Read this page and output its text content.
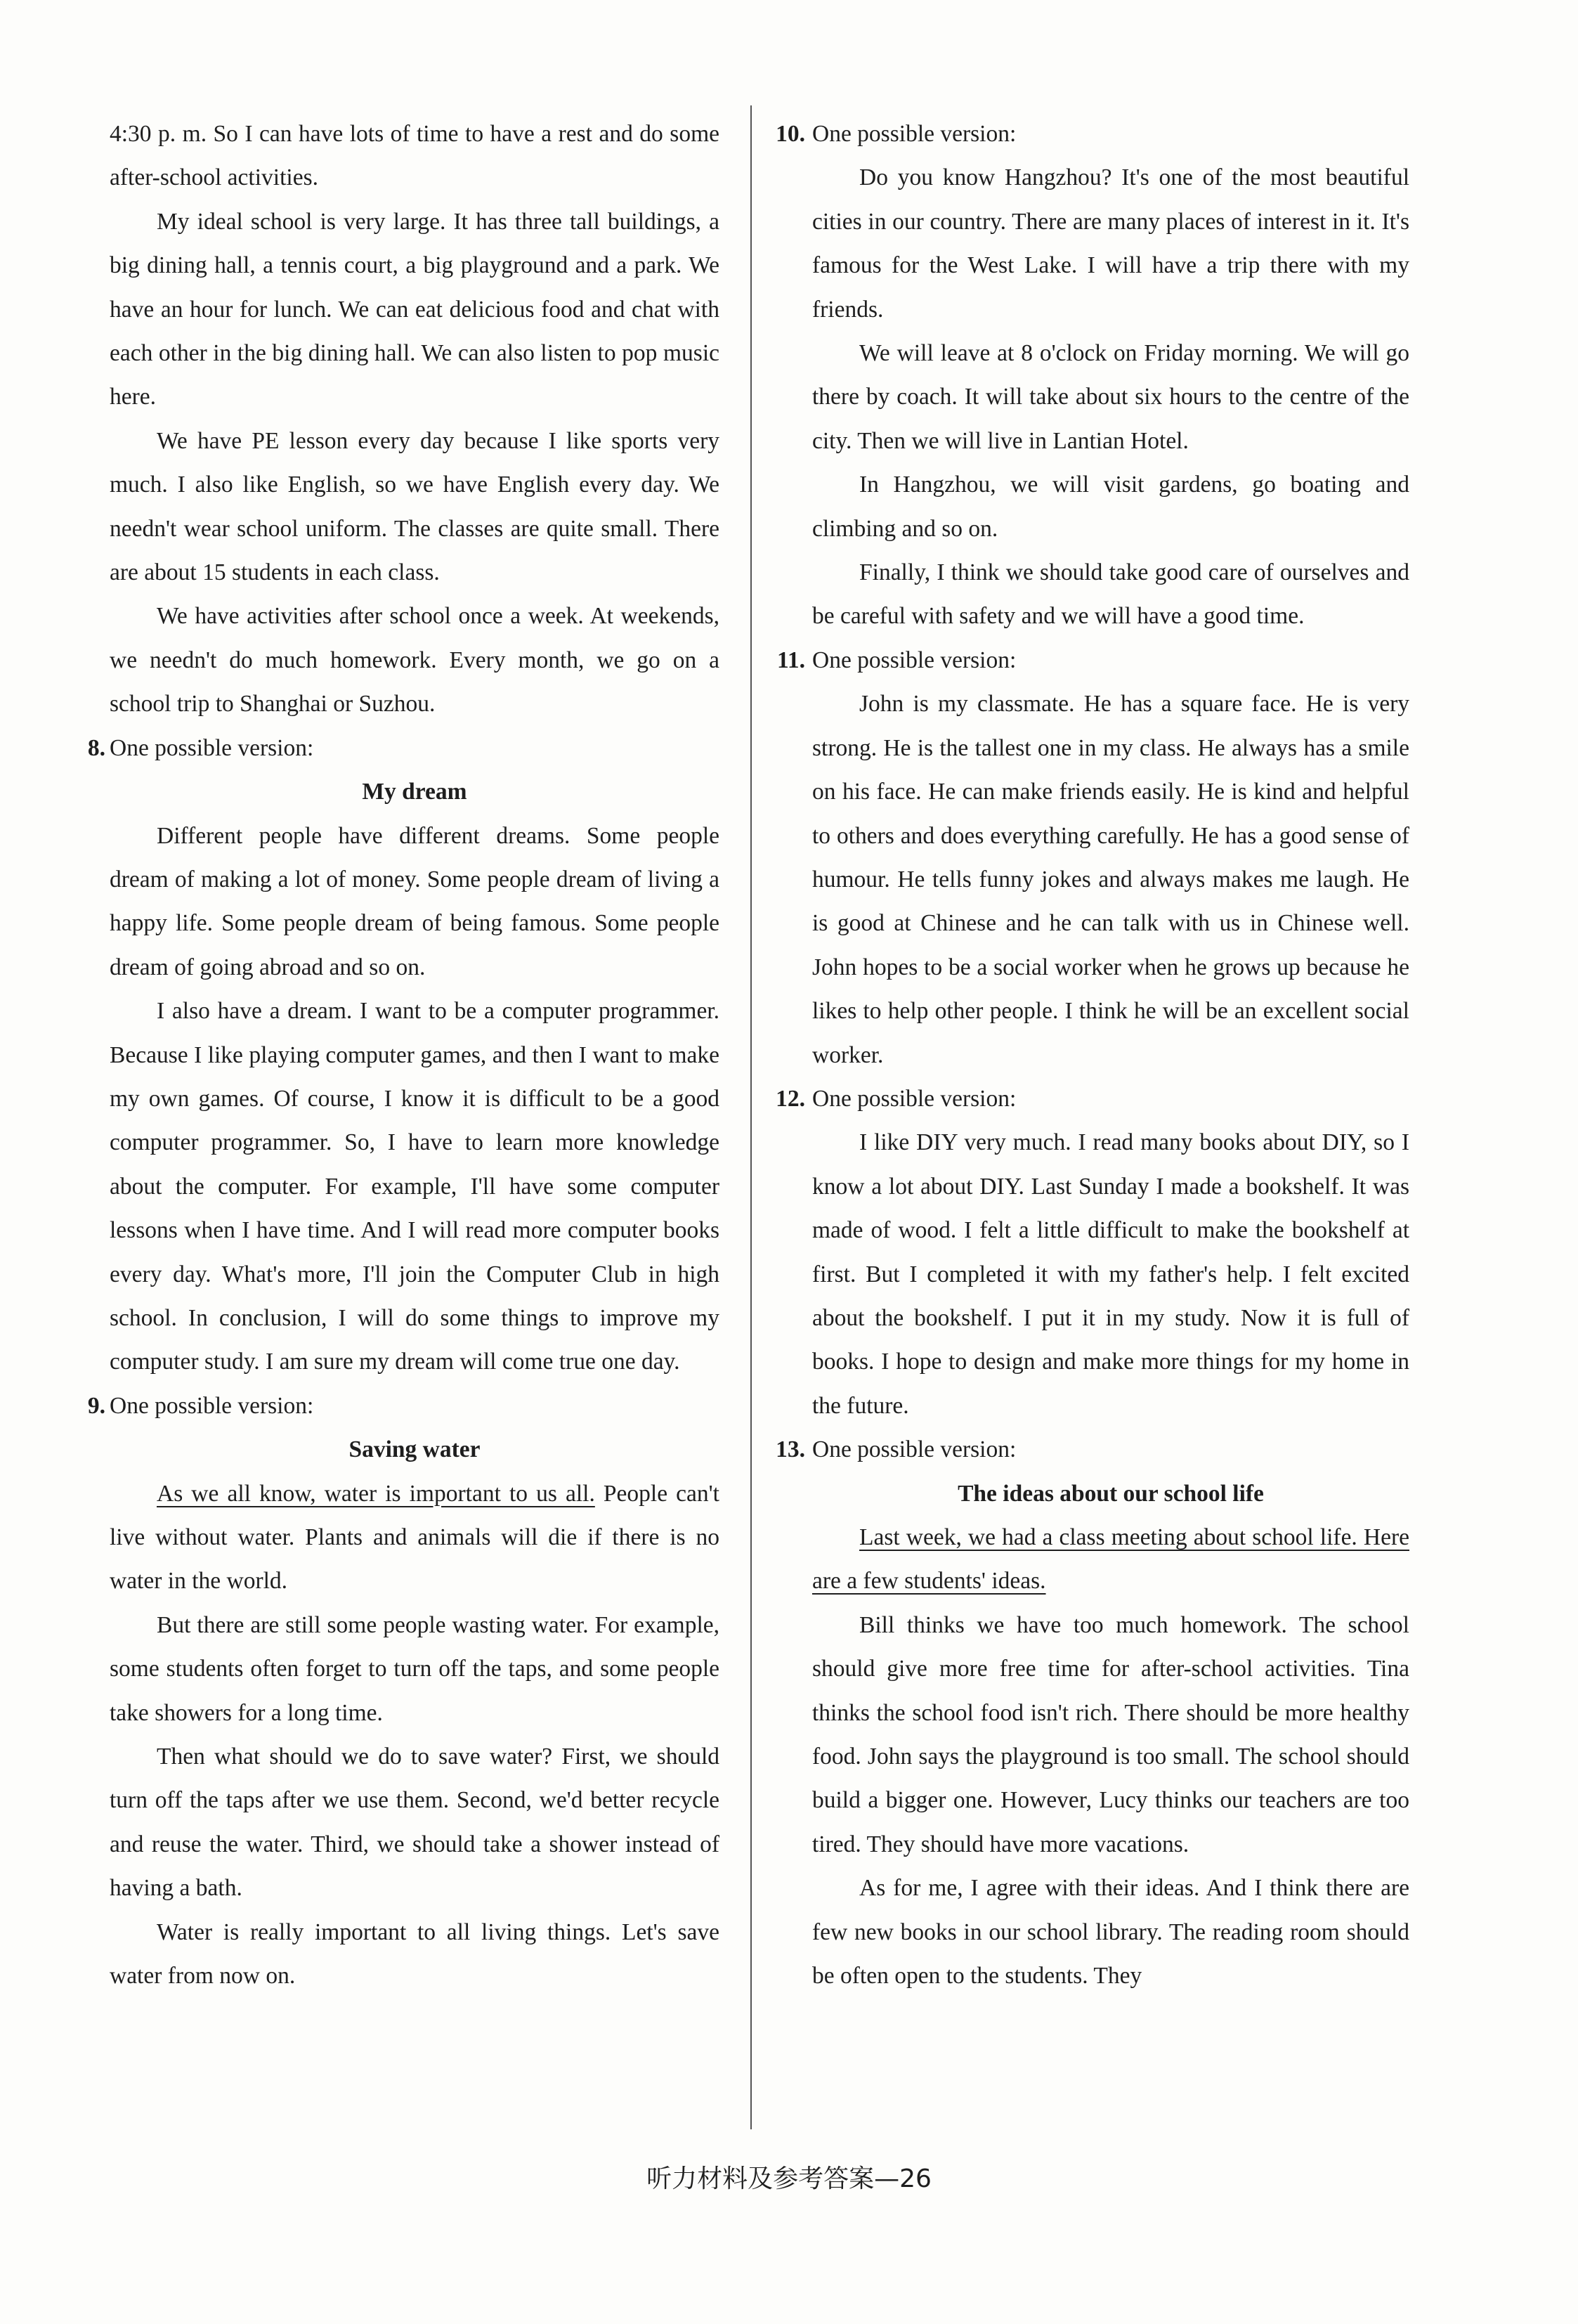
4:30 p. m. So I can have lots of time to have a rest and do some after-school activities.

My ideal school is very large. It has three tall buildings, a big dining hall, a tennis court, a big playground and a park. We have an hour for lunch. We can eat delicious food and chat with each other in the big dining hall. We can also listen to pop music here.

We have PE lesson every day because I like sports very much. I also like English, so we have English every day. We needn't wear school uniform. The classes are quite small. There are about 15 students in each class.

We have activities after school once a week. At weekends, we needn't do much homework. Every month, we go on a school trip to Shanghai or Suzhou.

8. One possible version:

My dream

Different people have different dreams. Some people dream of making a lot of money. Some people dream of living a happy life. Some people dream of being famous. Some people dream of going abroad and so on.

I also have a dream. I want to be a computer programmer. Because I like playing computer games, and then I want to make my own games. Of course, I know it is difficult to be a good computer programmer. So, I have to learn more knowledge about the computer. For example, I'll have some computer lessons when I have time. And I will read more computer books every day. What's more, I'll join the Computer Club in high school. In conclusion, I will do some things to improve my computer study. I am sure my dream will come true one day.

9. One possible version:

Saving water

As we all know, water is important to us all. People can't live without water. Plants and animals will die if there is no water in the world.

But there are still some people wasting water. For example, some students often forget to turn off the taps, and some people take showers for a long time.

Then what should we do to save water? First, we should turn off the taps after we use them. Second, we'd better recycle and reuse the water. Third, we should take a shower instead of having a bath.

Water is really important to all living things. Let's save water from now on.

10. One possible version:

Do you know Hangzhou? It's one of the most beautiful cities in our country. There are many places of interest in it. It's famous for the West Lake. I will have a trip there with my friends.

We will leave at 8 o'clock on Friday morning. We will go there by coach. It will take about six hours to the centre of the city. Then we will live in Lantian Hotel.

In Hangzhou, we will visit gardens, go boating and climbing and so on.

Finally, I think we should take good care of ourselves and be careful with safety and we will have a good time.

11. One possible version:

John is my classmate. He has a square face. He is very strong. He is the tallest one in my class. He always has a smile on his face. He can make friends easily. He is kind and helpful to others and does everything carefully. He has a good sense of humour. He tells funny jokes and always makes me laugh. He is good at Chinese and he can talk with us in Chinese well. John hopes to be a social worker when he grows up because he likes to help other people. I think he will be an excellent social worker.

12. One possible version:

I like DIY very much. I read many books about DIY, so I know a lot about DIY. Last Sunday I made a bookshelf. It was made of wood. I felt a little difficult to make the bookshelf at first. But I completed it with my father's help. I felt excited about the bookshelf. I put it in my study. Now it is full of books. I hope to design and make more things for my home in the future.

13. One possible version:

The ideas about our school life

Last week, we had a class meeting about school life. Here are a few students' ideas.

Bill thinks we have too much homework. The school should give more free time for after-school activities. Tina thinks the school food isn't rich. There should be more healthy food. John says the playground is too small. The school should build a bigger one. However, Lucy thinks our teachers are too tired. They should have more vacations.

As for me, I agree with their ideas. And I think there are few new books in our school library. The reading room should be often open to the students. They

听力材料及参考答案—26
